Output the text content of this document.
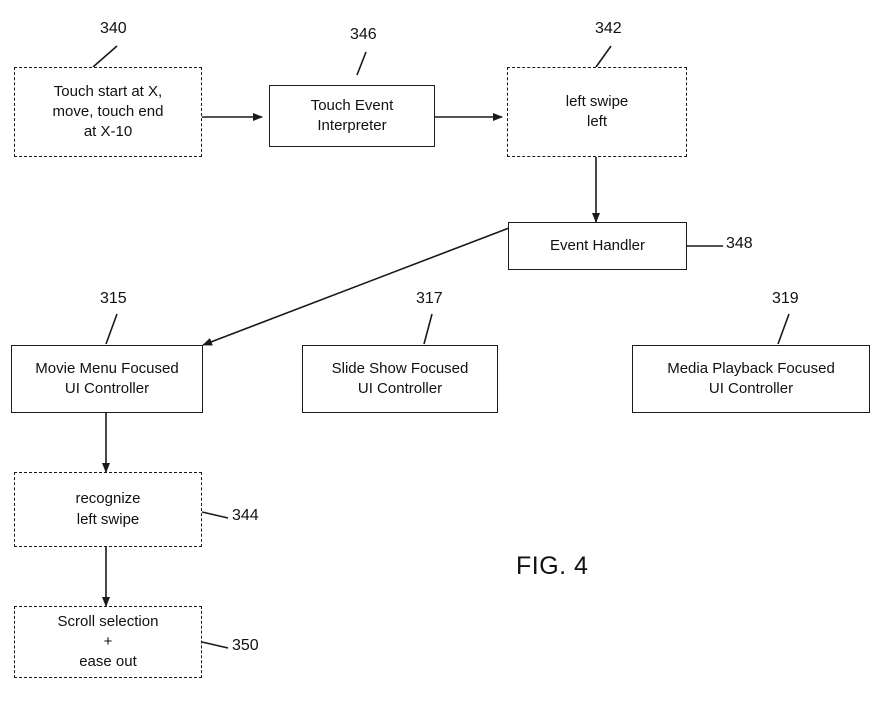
Touch start at X,
move, touch end
at X-10
Touch Event
Interpreter
left swipe
left
Event Handler
Movie Menu Focused
UI Controller
Slide Show Focused
UI Controller
Media Playback Focused
UI Controller
recognize
left swipe
Scroll selection
+
ease out
340	346	342
348
315	317	319
344
350
FIG. 4
